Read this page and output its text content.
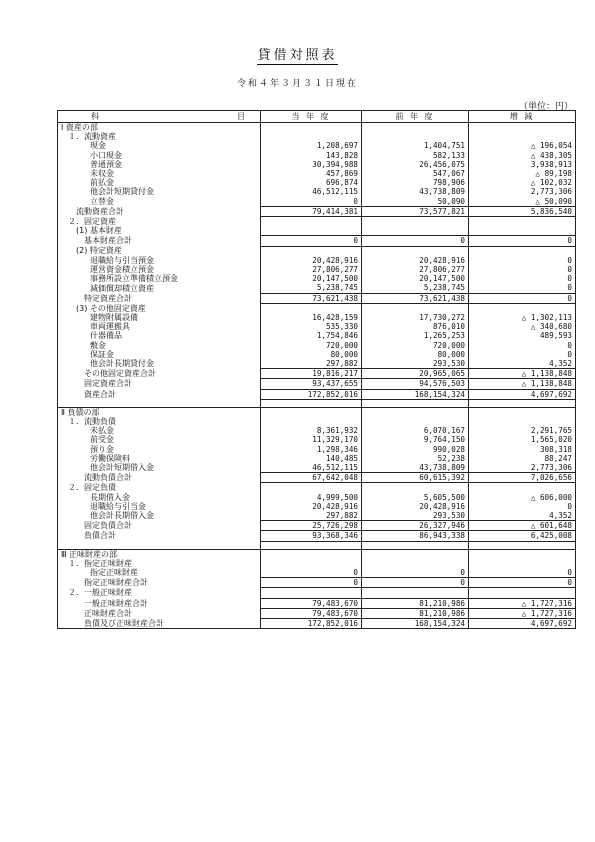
貸借対照表
令和４年３月３１日現在
（単位：円）
科 目	当 年 度	前 年 度	増 減
Ⅰ 資産の部			
１．流動資産			
現金	1,208,697	1,404,751	△ 196,054
小口現金	143,828	582,133	△ 438,305
普通預金	30,394,988	26,456,075	3,938,913
未収金	457,869	547,067	△ 89,198
前払金	696,874	798,906	△ 102,032
他会計短期貸付金	46,512,115	43,738,809	2,773,306
立替金	0	50,090	△ 50,090
流動資産合計	79,414,381	73,577,821	5,836,540
２．固定資産			
(1) 基本財産			
基本財産合計	0	0	0
(2) 特定資産			
退職給与引当預金	20,428,916	20,428,916	0
運営資金積立預金	27,806,277	27,806,277	0
事務所設立準備積立預金	20,147,500	20,147,500	0
減価償却積立資産	5,238,745	5,238,745	0
特定資産合計	73,621,438	73,621,438	0
(3) その他固定資産			
建物附属設備	16,428,159	17,730,272	△ 1,302,113
車両運搬具	535,330	876,010	△ 340,680
什器備品	1,754,846	1,265,253	489,593
敷金	720,000	720,000	0
保証金	80,000	80,000	0
他会計長期貸付金	297,882	293,530	4,352
その他固定資産合計	19,816,217	20,965,065	△ 1,138,848
固定資産合計	93,437,655	94,576,503	△ 1,138,848
資産合計	172,852,016	168,154,324	4,697,692

Ⅱ 負債の部			
１．流動負債			
未払金	8,361,932	6,070,167	2,291,765
前受金	11,329,170	9,764,150	1,565,020
預り金	1,298,346	990,028	308,318
労働保険料	140,485	52,238	88,247
他会計短期借入金	46,512,115	43,738,809	2,773,306
流動負債合計	67,642,048	60,615,392	7,026,656
２．固定負債			
長期借入金	4,999,500	5,605,500	△ 606,000
退職給与引当金	20,428,916	20,428,916	0
他会計長期借入金	297,882	293,530	4,352
固定負債合計	25,726,298	26,327,946	△ 601,648
負債合計	93,368,346	86,943,338	6,425,008

Ⅲ 正味財産の部			
１．指定正味財産			
指定正味財産	0	0	0
指定正味財産合計	0	0	0
２．一般正味財産			
一般正味財産合計	79,483,670	81,210,986	△ 1,727,316
正味財産合計	79,483,670	81,210,986	△ 1,727,316
負債及び正味財産合計	172,852,016	168,154,324	4,697,692
